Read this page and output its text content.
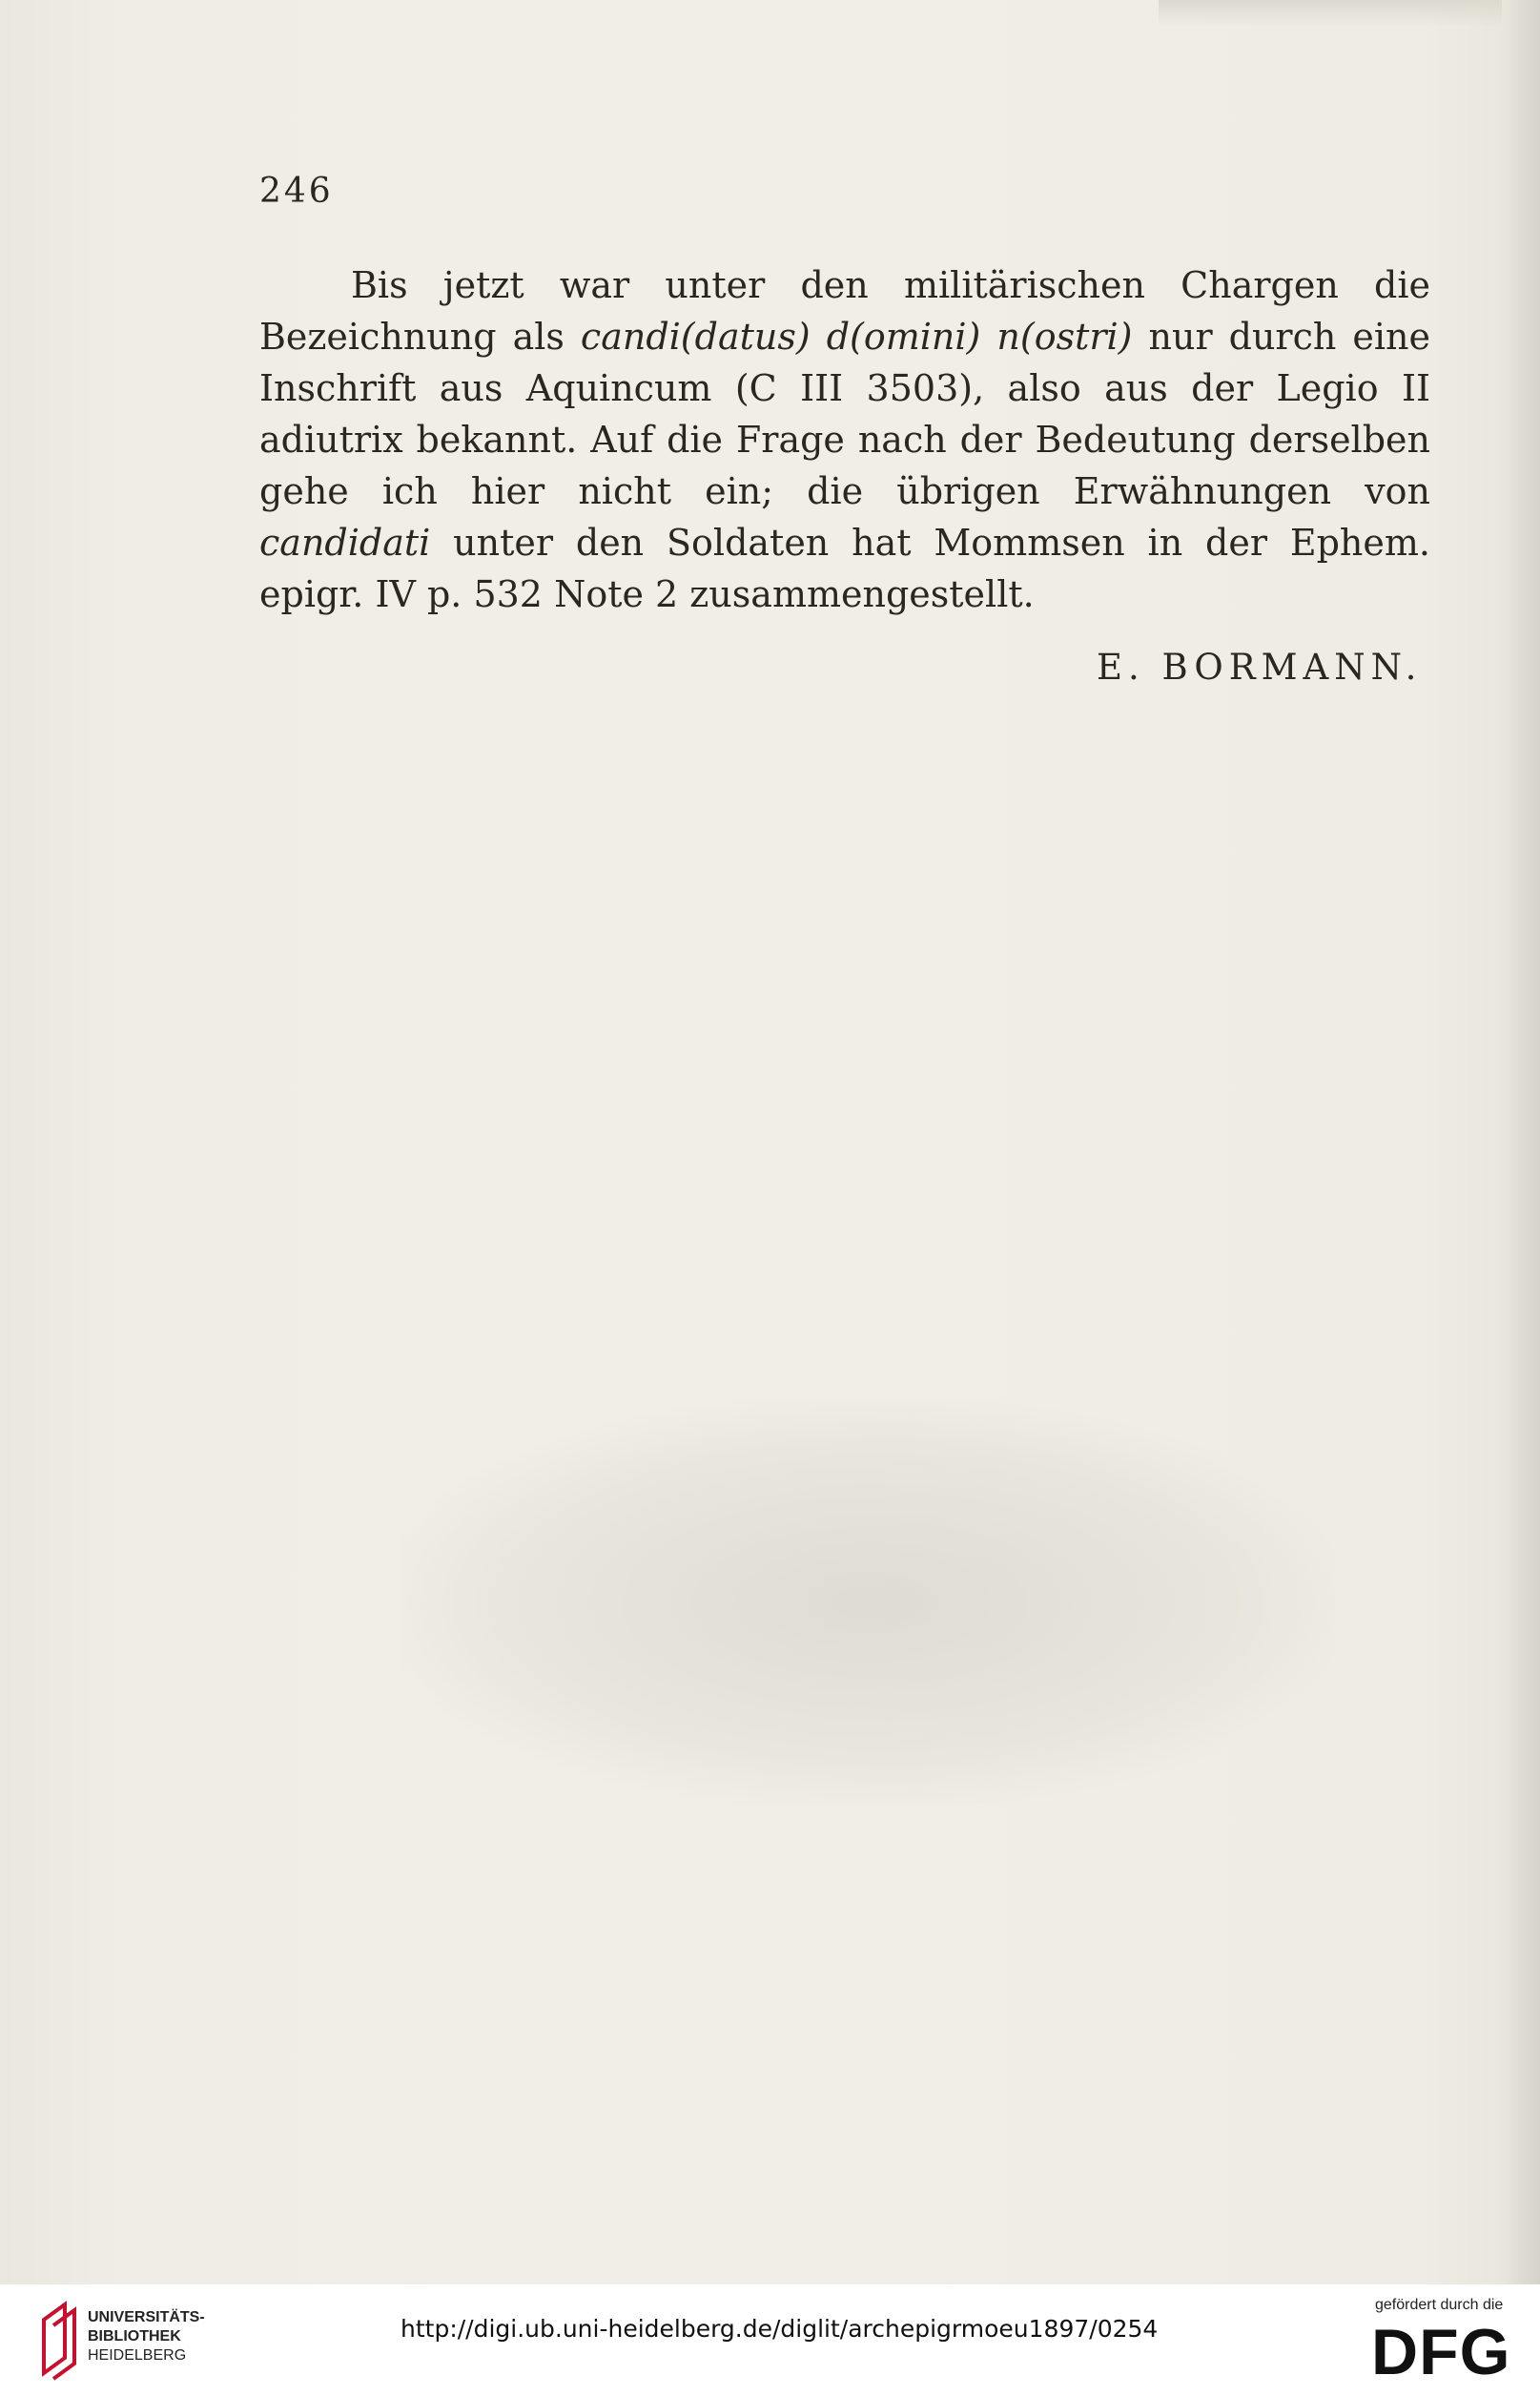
246

Bis jetzt war unter den militärischen Chargen die Bezeichnung als candi(datus) d(omini) n(ostri) nur durch eine Inschrift aus Aquincum (C III 3503), also aus der Legio II adiutrix bekannt. Auf die Frage nach der Bedeutung derselben gehe ich hier nicht ein; die übrigen Erwähnungen von candidati unter den Soldaten hat Mommsen in der Ephem. epigr. IV p. 532 Note 2 zusammengestellt.

E. BORMANN.
UNIVERSITÄTS-
BIBLIOTHEK
HEIDELBERG
http://digi.ub.uni-heidelberg.de/diglit/archepigrmoeu1897/0254
gefördert durch die
DFG
